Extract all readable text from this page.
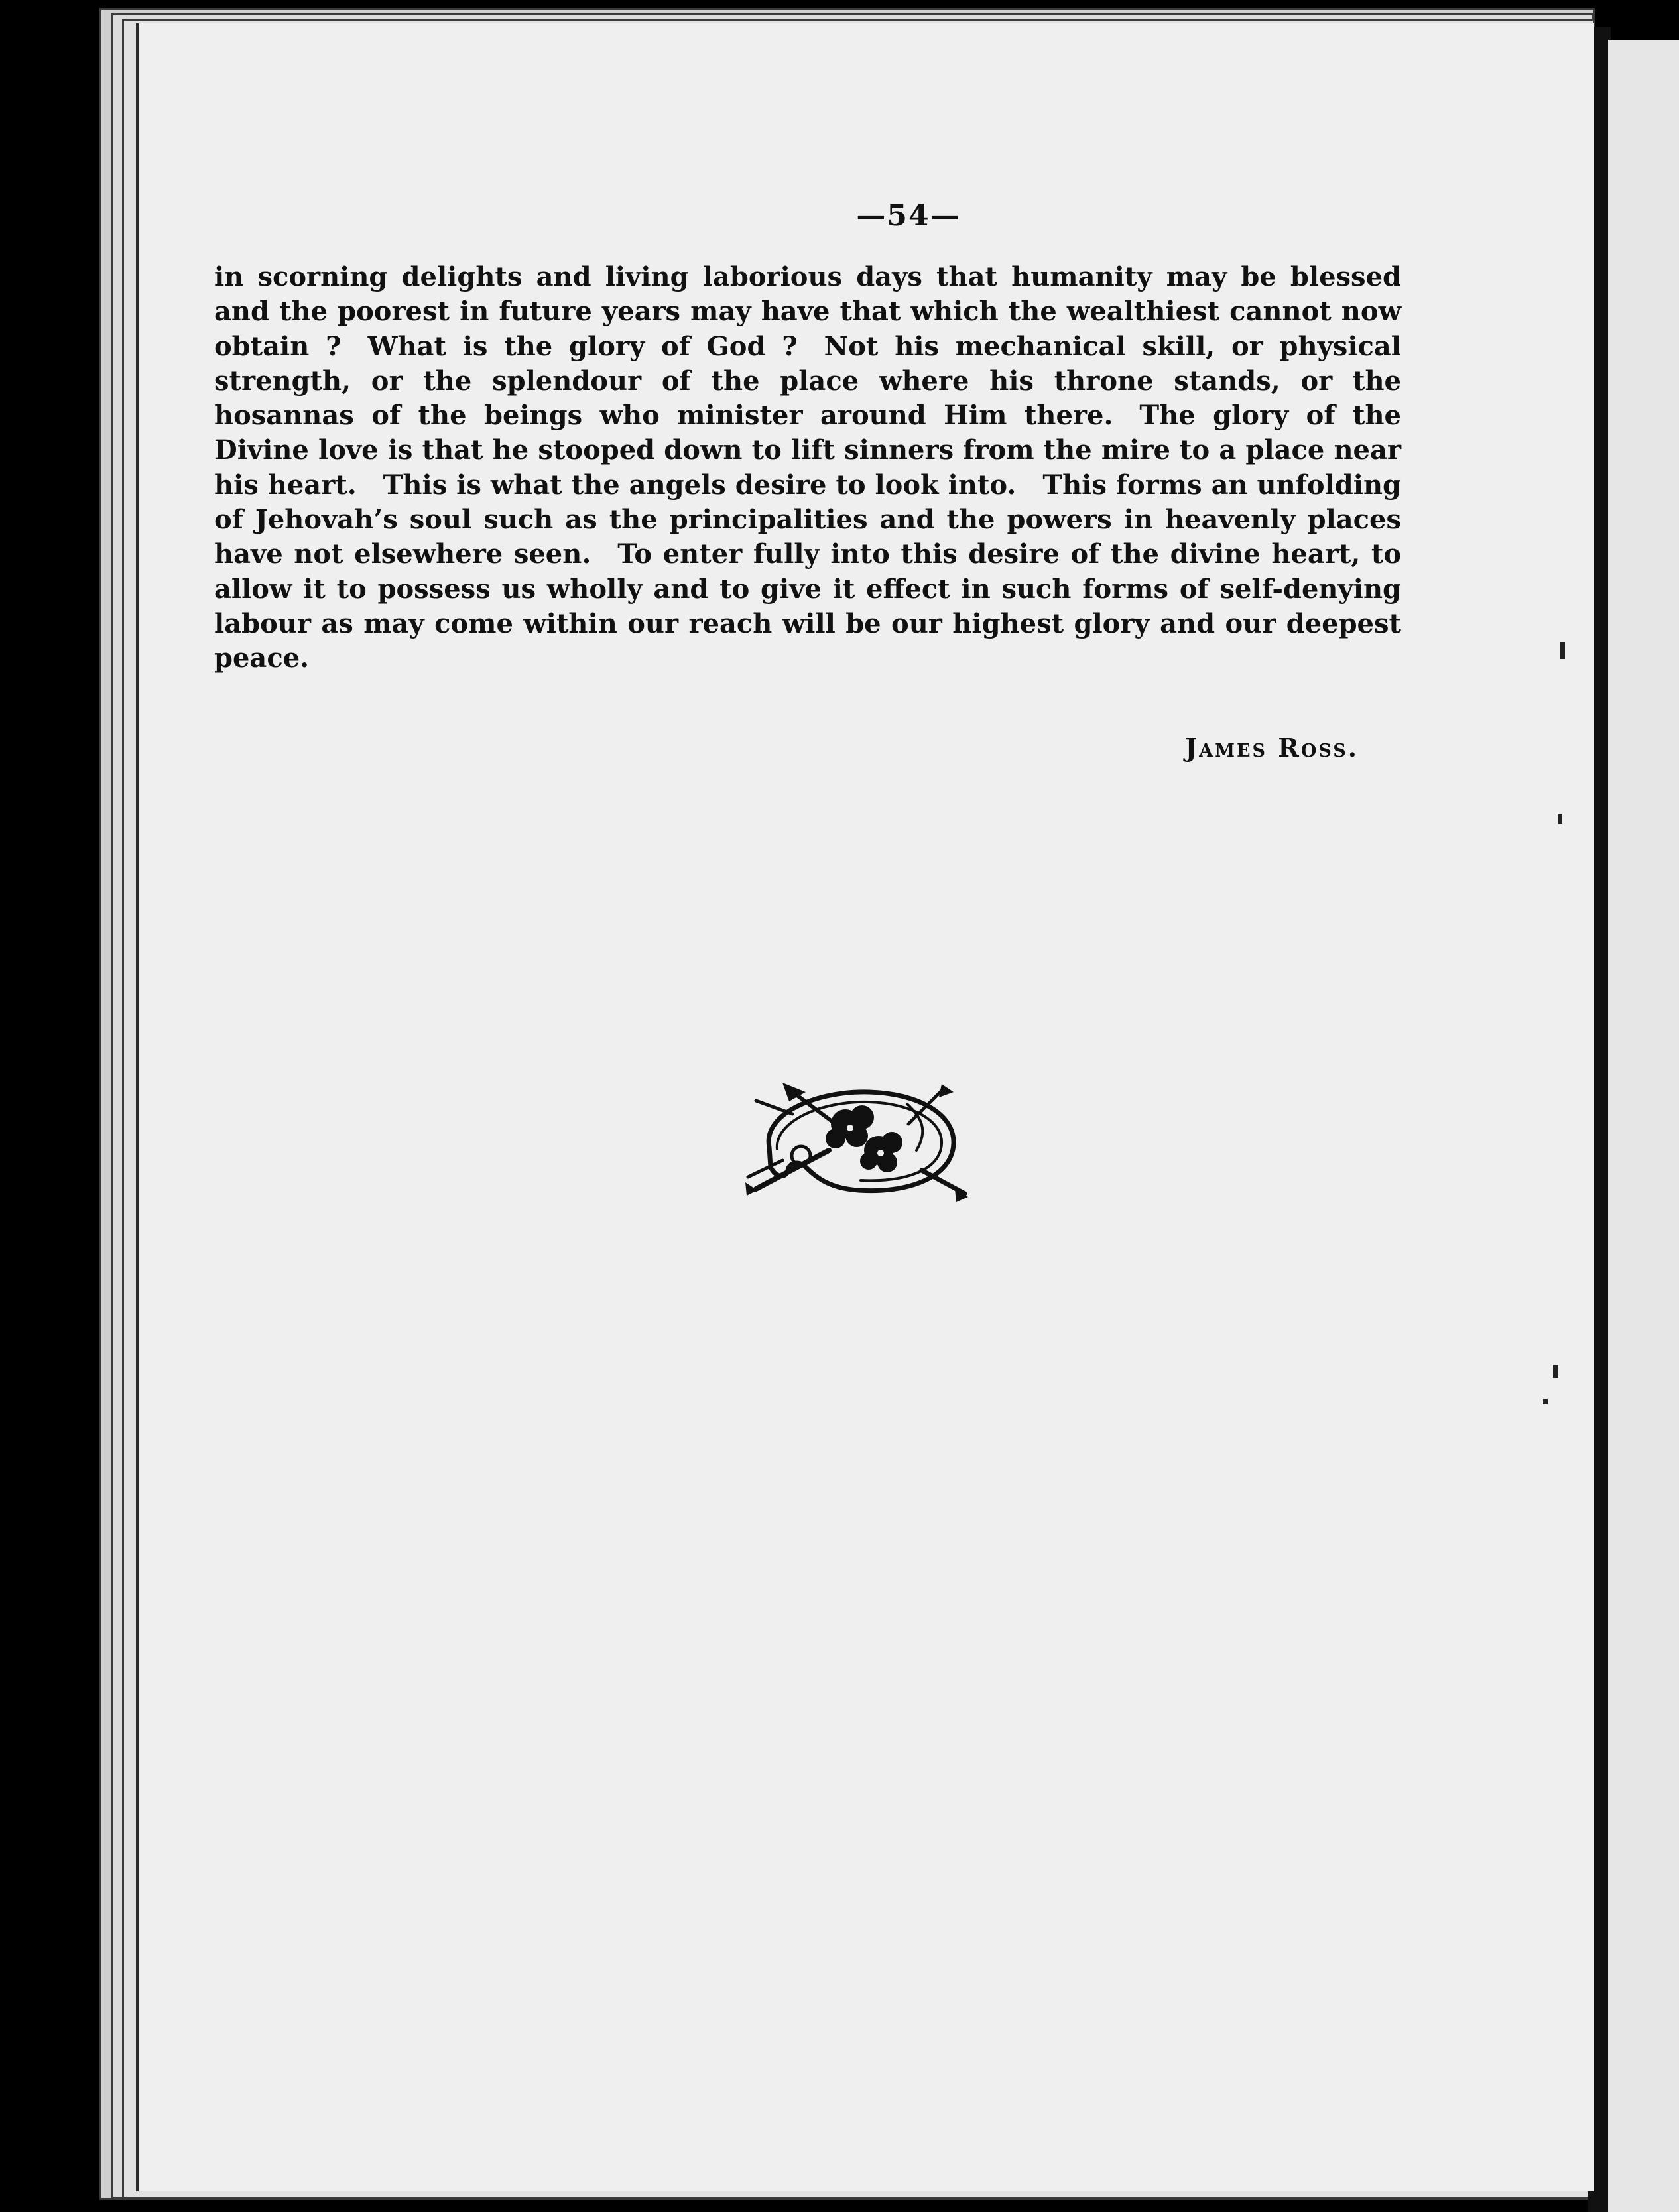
—54—

in scorning delights and living laborious days that humanity may be blessed and the poorest in future years may have that which the wealthiest cannot now obtain ? What is the glory of God ? Not his mechanical skill, or physical strength, or the splendour of the place where his throne stands, or the hosannas of the beings who minister around Him there. The glory of the Divine love is that he stooped down to lift sinners from the mire to a place near his heart. This is what the angels desire to look into. This forms an unfolding of Jehovah’s soul such as the principalities and the powers in heavenly places have not elsewhere seen. To enter fully into this desire of the divine heart, to allow it to possess us wholly and to give it effect in such forms of self-denying labour as may come within our reach will be our highest glory and our deepest peace.

James Ross.
